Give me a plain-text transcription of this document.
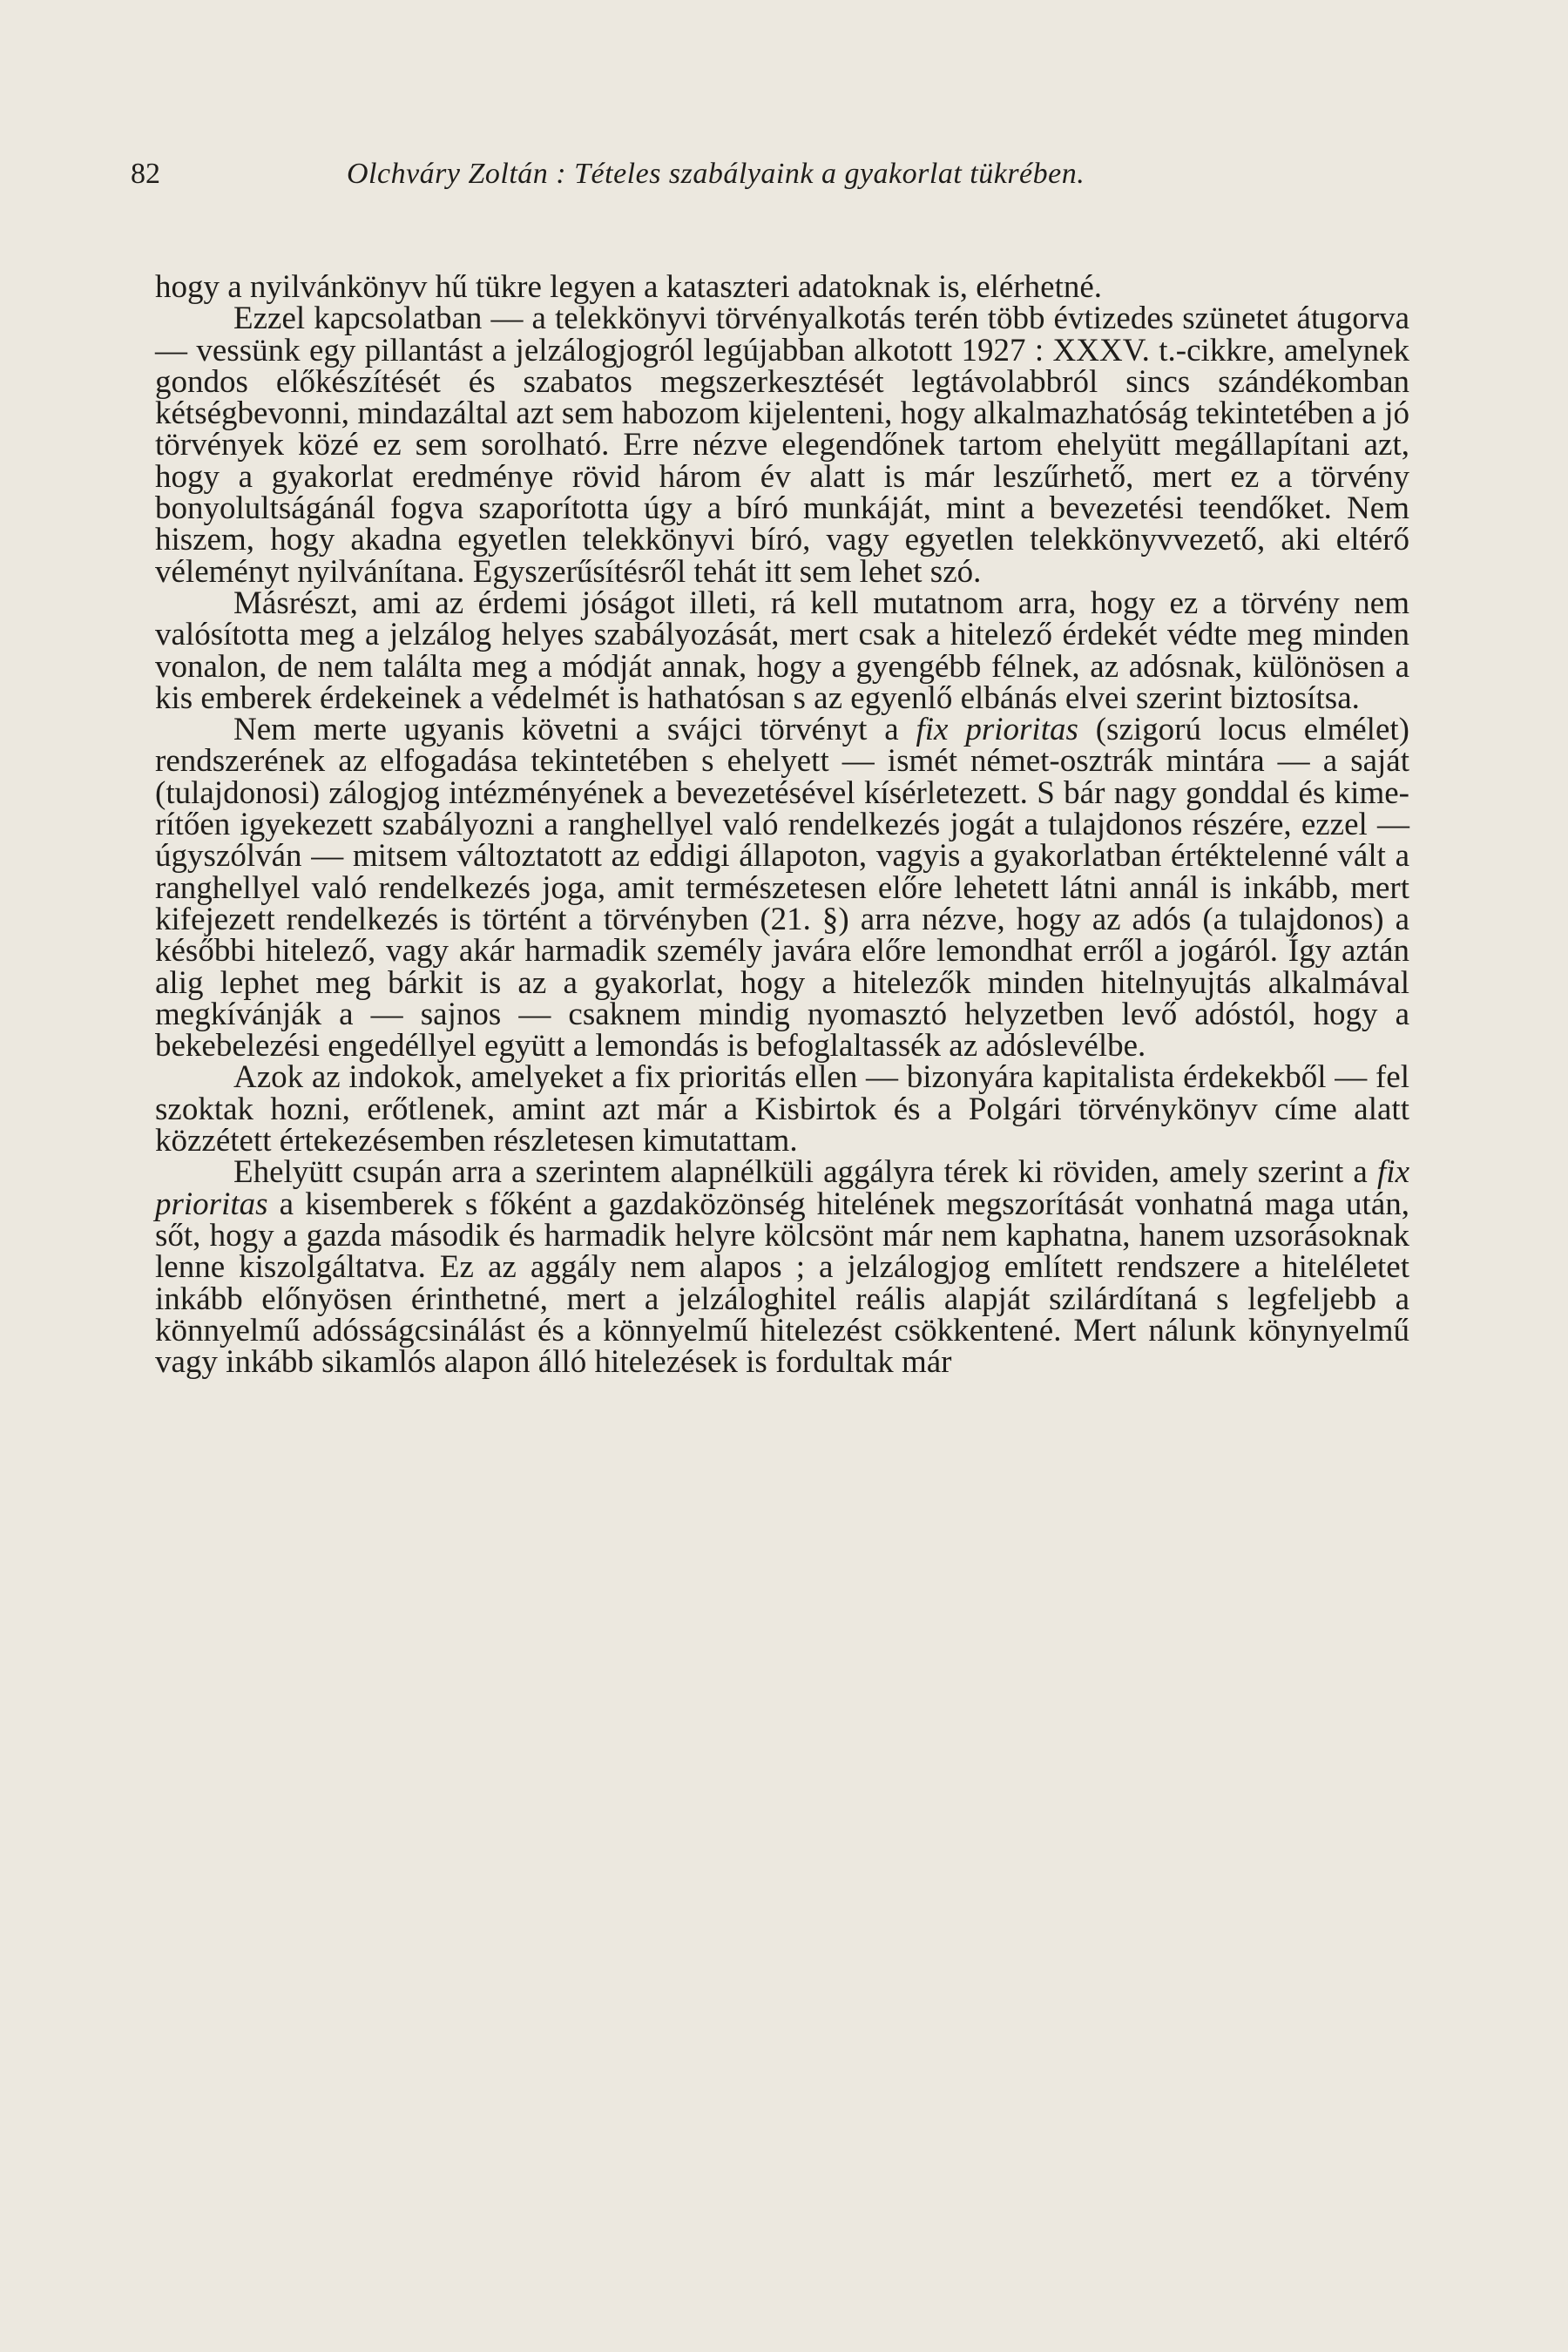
82	Olchváry Zoltán : Tételes szabályaink a gyakorlat tükrében.

hogy a nyilvánkönyv hű tükre legyen a kataszteri adatoknak is, elérhetné.

Ezzel kapcsolatban — a telekkönyvi törvényalkotás terén több évtizedes szünetet átugorva — vessünk egy pillantást a jelzálogjogról legújabban alkotott 1927 : XXXV. t.-cikkre, amelynek gondos előkészítését és szabatos megszerkesztését legtávolabbról sincs szándékomban kétségbevonni, mindazáltal azt sem habozom kijelenteni, hogy alkalmazhatóság tekintetében a jó törvények közé ez sem sorolható. Erre nézve elegendőnek tartom ehelyütt megállapítani azt, hogy a gyakorlat eredménye rövid három év alatt is már leszűrhető, mert ez a törvény bonyolultságánál fogva szaporította úgy a bíró munkáját, mint a bevezetési teendőket. Nem hiszem, hogy akadna egyetlen telekkönyvi bíró, vagy egyetlen telekkönyvvezető, aki eltérő véleményt nyilvánítana. Egyszerűsítésről tehát itt sem lehet szó.

Másrészt, ami az érdemi jóságot illeti, rá kell mutatnom arra, hogy ez a törvény nem valósította meg a jelzálog helyes szabályozását, mert csak a hitelező érdekét védte meg minden vonalon, de nem találta meg a módját annak, hogy a gyengébb félnek, az adósnak, különösen a kis emberek érdekeinek a védelmét is hathatósan s az egyenlő elbánás elvei szerint biztosítsa.

Nem merte ugyanis követni a svájci törvényt a fix prioritas (szigorú locus elmélet) rendszerének az elfogadása tekintetében s ehelyett — ismét német-osztrák mintára — a saját (tulajdonosi) zálogjog intézményének a bevezetésével kísérletezett. S bár nagy gonddal és kimerítően igyekezett szabályozni a ranghellyel való rendelkezés jogát a tulajdonos részére, ezzel — úgyszólván — mitsem változtatott az eddigi állapoton, vagyis a gyakorlatban értéktelenné vált a ranghellyel való rendelkezés joga, amit természetesen előre lehetett látni annál is inkább, mert kifejezett rendelkezés is történt a törvényben (21. §) arra nézve, hogy az adós (a tulajdonos) a későbbi hitelező, vagy akár harmadik személy javára előre lemondhat erről a jogáról. Így aztán alig lephet meg bárkit is az a gyakorlat, hogy a hitelezők minden hitelnyujtás alkalmával megkívánják a — sajnos — csaknem mindig nyomasztó helyzetben levő adóstól, hogy a bekebelezési engedéllyel együtt a lemondás is befoglaltassék az adóslevélbe.

Azok az indokok, amelyeket a fix prioritás ellen — bizonyára kapitalista érdekekből — fel szoktak hozni, erőtlenek, amint azt már a Kisbirtok és a Polgári törvénykönyv címe alatt közzétett értekezésemben részletesen kimutattam.

Ehelyütt csupán arra a szerintem alapnélküli aggályra térek ki röviden, amely szerint a fix prioritas a kisemberek s főként a gazdaközönség hitelének megszorítását vonhatná maga után, sőt, hogy a gazda második és harmadik helyre kölcsönt már nem kaphatna, hanem uzsorásoknak lenne kiszolgáltatva. Ez az aggály nem alapos ; a jelzálogjog említett rendszere a hiteléletet inkább előnyösen érinthetné, mert a jelzáloghitel reális alapját szilárdítaná s legfeljebb a könnyelmű adósságcsinálást és a könnyelmű hitelezést csökkentené. Mert nálunk könynyelmű vagy inkább sikamlós alapon álló hitelezések is fordultak már
